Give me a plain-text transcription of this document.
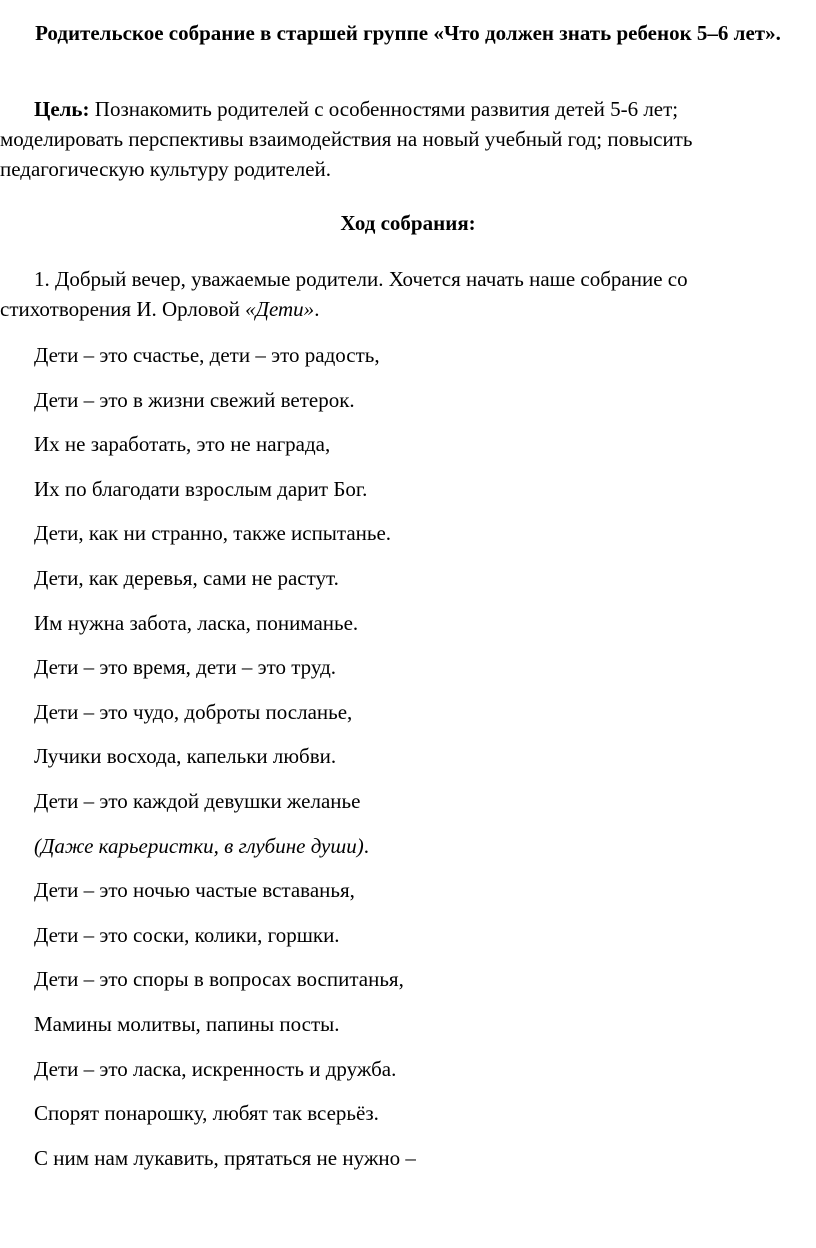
Родительское собрание в старшей группе «Что должен знать ребенок 5–6 лет».
Цель: Познакомить родителей с особенностями развития детей 5-6 лет; моделировать перспективы взаимодействия на новый учебный год; повысить педагогическую культуру родителей.
Ход собрания:
1. Добрый вечер, уважаемые родители. Хочется начать наше собрание со стихотворения И. Орловой «Дети».
Дети – это счастье, дети – это радость,
Дети – это в жизни свежий ветерок.
Их не заработать, это не награда,
Их по благодати взрослым дарит Бог.
Дети, как ни странно, также испытанье.
Дети, как деревья, сами не растут.
Им нужна забота, ласка, пониманье.
Дети – это время, дети – это труд.
Дети – это чудо, доброты посланье,
Лучики восхода, капельки любви.
Дети – это каждой девушки желанье
(Даже карьеристки, в глубине души).
Дети – это ночью частые вставанья,
Дети – это соски, колики, горшки.
Дети – это споры в вопросах воспитанья,
Мамины молитвы, папины посты.
Дети – это ласка, искренность и дружба.
Спорят понарошку, любят так всерьёз.
С ним нам лукавить, прятаться не нужно –
